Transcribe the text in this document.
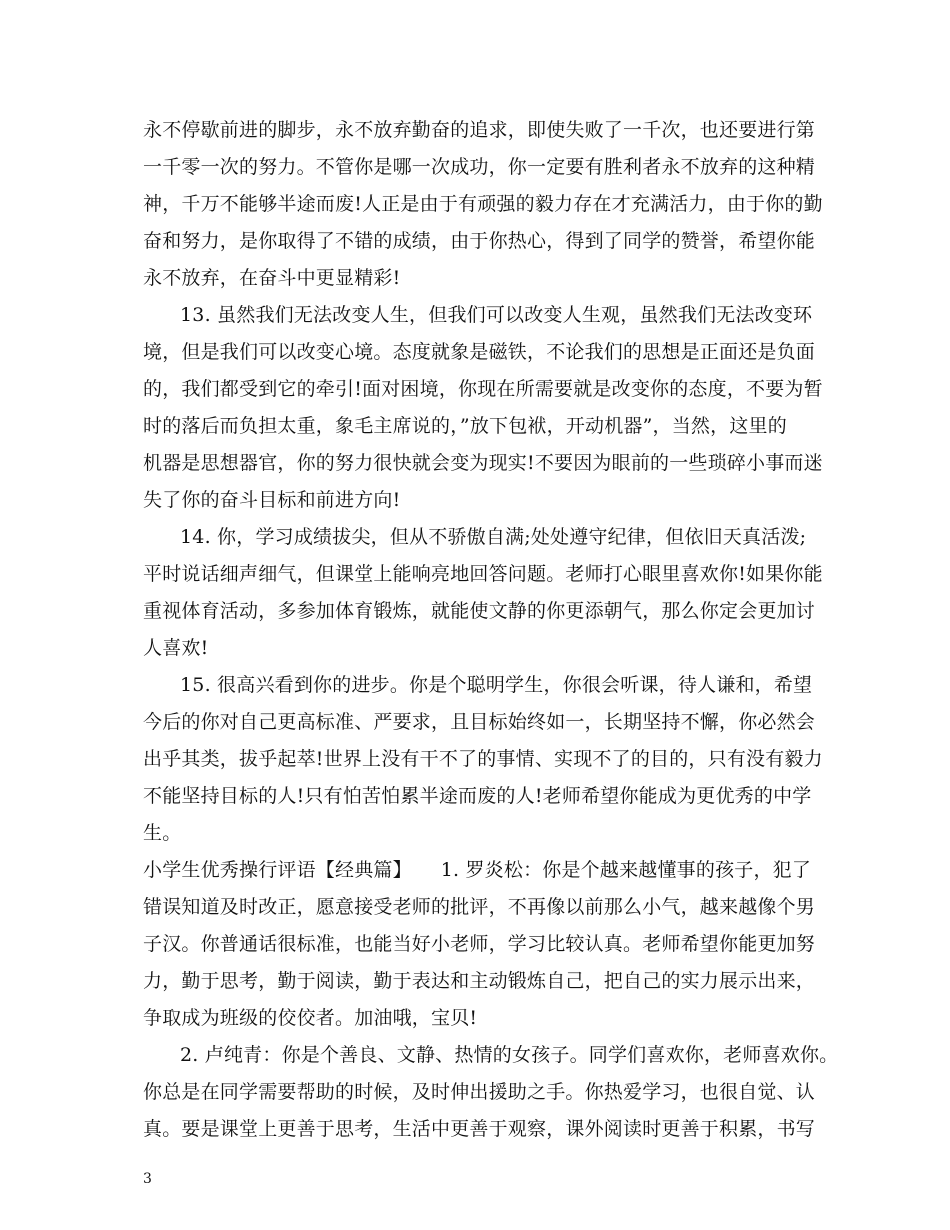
永不停歇前进的脚步，永不放弃勤奋的追求，即使失败了一千次，也还要进行第
一千零一次的努力。不管你是哪一次成功，你一定要有胜利者永不放弃的这种精
神，千万不能够半途而废!人正是由于有顽强的毅力存在才充满活力，由于你的勤
奋和努力，是你取得了不错的成绩，由于你热心，得到了同学的赞誉，希望你能
永不放弃，在奋斗中更显精彩!
13. 虽然我们无法改变人生，但我们可以改变人生观，虽然我们无法改变环
境，但是我们可以改变心境。态度就象是磁铁，不论我们的思想是正面还是负面
的，我们都受到它的牵引!面对困境，你现在所需要就是改变你的态度，不要为暂
时的落后而负担太重，象毛主席说的，”放下包袱，开动机器”，当然，这里的
机器是思想器官，你的努力很快就会变为现实!不要因为眼前的一些琐碎小事而迷
失了你的奋斗目标和前进方向!
14. 你，学习成绩拔尖，但从不骄傲自满;处处遵守纪律，但依旧天真活泼;
平时说话细声细气，但课堂上能响亮地回答问题。老师打心眼里喜欢你!如果你能
重视体育活动，多参加体育锻炼，就能使文静的你更添朝气，那么你定会更加讨
人喜欢!
15. 很高兴看到你的进步。你是个聪明学生，你很会听课，待人谦和，希望
今后的你对自己更高标准、严要求，且目标始终如一，长期坚持不懈，你必然会
出乎其类，拔乎起萃!世界上没有干不了的事情、实现不了的目的，只有没有毅力
不能坚持目标的人!只有怕苦怕累半途而废的人!老师希望你能成为更优秀的中学
生。
小学生优秀操行评语【经典篇】　　1. 罗炎松：你是个越来越懂事的孩子，犯了
错误知道及时改正，愿意接受老师的批评，不再像以前那么小气，越来越像个男
子汉。你普通话很标准，也能当好小老师，学习比较认真。老师希望你能更加努
力，勤于思考，勤于阅读，勤于表达和主动锻炼自己，把自己的实力展示出来，
争取成为班级的佼佼者。加油哦，宝贝!
2. 卢纯青：你是个善良、文静、热情的女孩子。同学们喜欢你，老师喜欢你。
你总是在同学需要帮助的时候，及时伸出援助之手。你热爱学习，也很自觉、认
真。要是课堂上更善于思考，生活中更善于观察，课外阅读时更善于积累，书写
3
